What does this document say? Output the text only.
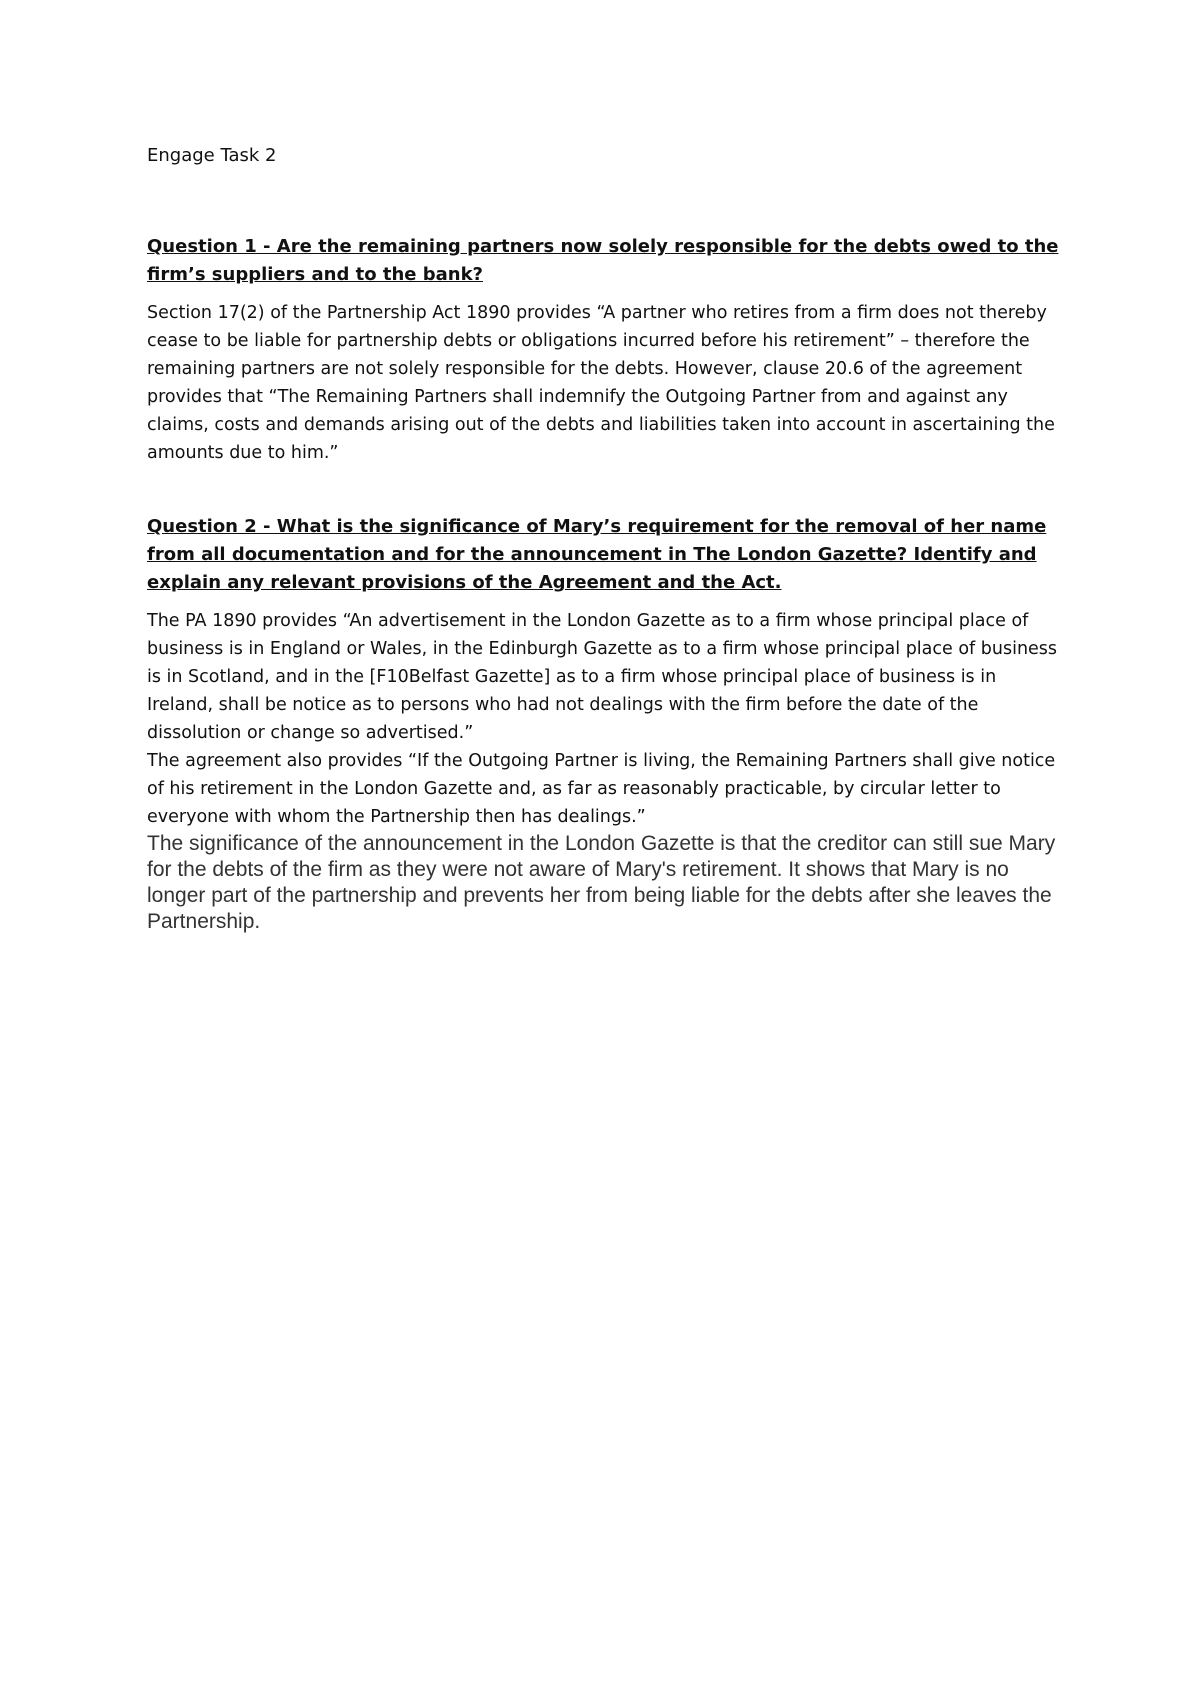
Engage Task 2

Question 1 - Are the remaining partners now solely responsible for the debts owed to the firm’s suppliers and to the bank?

Section 17(2) of the Partnership Act 1890 provides “A partner who retires from a firm does not thereby cease to be liable for partnership debts or obligations incurred before his retirement” – therefore the remaining partners are not solely responsible for the debts. However, clause 20.6 of the agreement provides that “The Remaining Partners shall indemnify the Outgoing Partner from and against any claims, costs and demands arising out of the debts and liabilities taken into account in ascertaining the amounts due to him.”

Question 2 - What is the significance of Mary’s requirement for the removal of her name from all documentation and for the announcement in The London Gazette? Identify and explain any relevant provisions of the Agreement and the Act.

The PA 1890 provides “An advertisement in the London Gazette as to a firm whose principal place of business is in England or Wales, in the Edinburgh Gazette as to a firm whose principal place of business is in Scotland, and in the [F10Belfast Gazette] as to a firm whose principal place of business is in Ireland, shall be notice as to persons who had not dealings with the firm before the date of the dissolution or change so advertised.”

The agreement also provides “If the Outgoing Partner is living, the Remaining Partners shall give notice of his retirement in the London Gazette and, as far as reasonably practicable, by circular letter to everyone with whom the Partnership then has dealings.”

The significance of the announcement in the London Gazette is that the creditor can still sue Mary for the debts of the firm as they were not aware of Mary's retirement. It shows that Mary is no longer part of the partnership and prevents her from being liable for the debts after she leaves the Partnership.
